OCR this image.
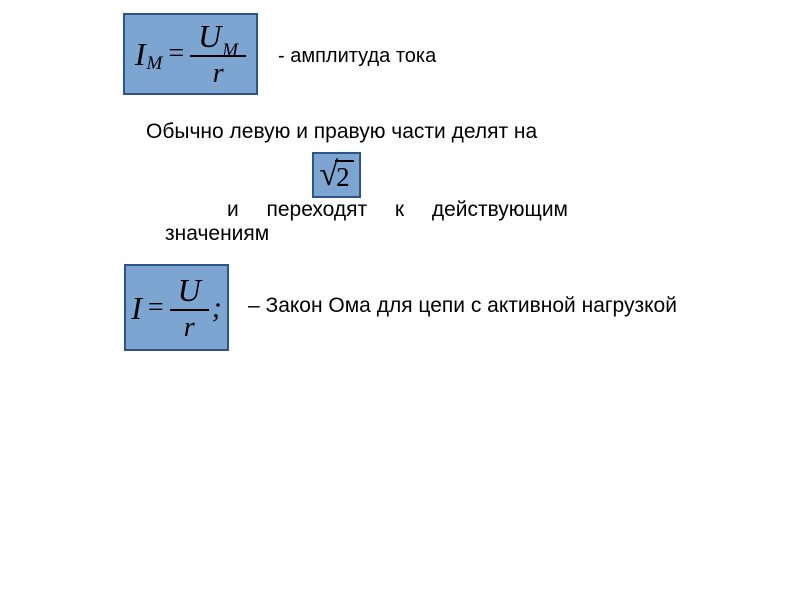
I $M = \frac{\text{U M}}{r}$ - амплитуда тока
Обычно левую и правую части делят на
√
2
и переходят к действующим
значениям
$I = \frac{U}{r}$ ; – Закон Ома для цепи с активной нагрузкой
